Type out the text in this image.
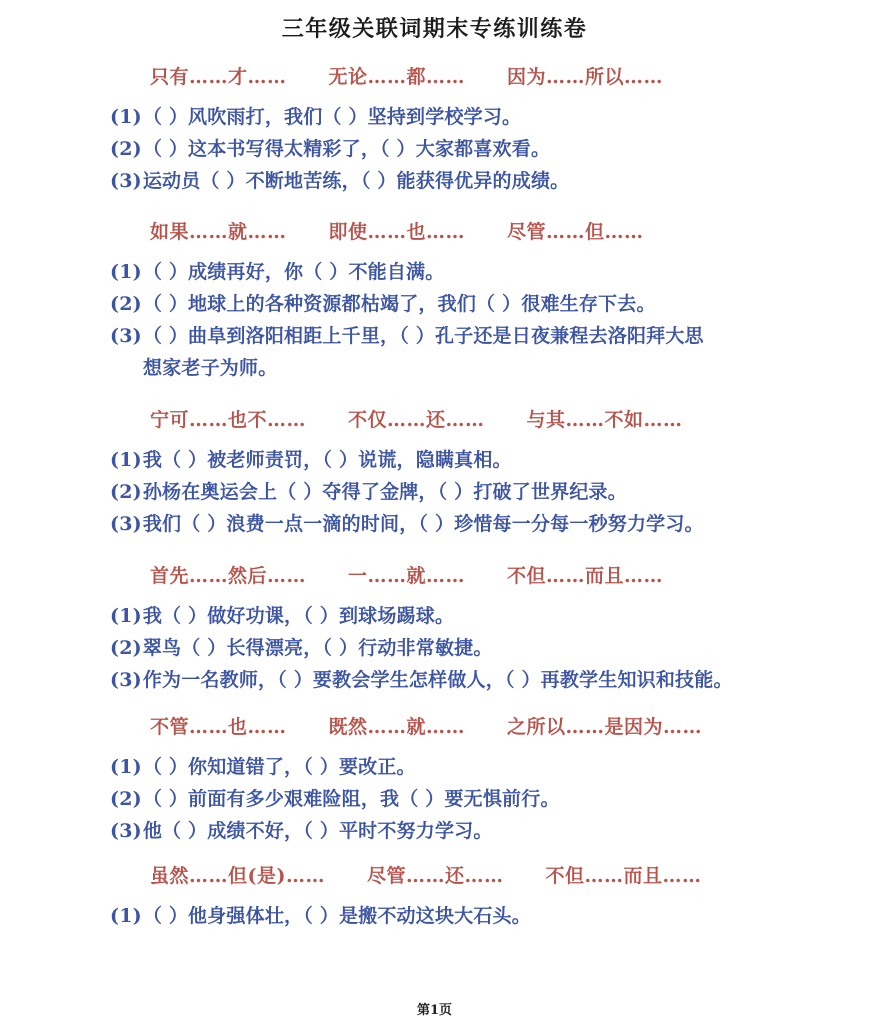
三年级关联词期末专练训练卷
只有……才…… 无论……都…… 因为……所以……
(1)（ ）风吹雨打，我们（ ）坚持到学校学习。
(2)（ ）这本书写得太精彩了，（ ）大家都喜欢看。
(3)运动员（ ）不断地苦练，（ ）能获得优异的成绩。
如果……就…… 即使……也…… 尽管……但……
(1)（ ）成绩再好，你（ ）不能自满。
(2)（ ）地球上的各种资源都枯竭了，我们（ ）很难生存下去。
(3)（ ）曲阜到洛阳相距上千里，（ ）孔子还是日夜兼程去洛阳拜大思
想家老子为师。
宁可……也不…… 不仅……还…… 与其……不如……
(1)我（ ）被老师责罚，（ ）说谎，隐瞒真相。
(2)孙杨在奥运会上（ ）夺得了金牌，（ ）打破了世界纪录。
(3)我们（ ）浪费一点一滴的时间，（ ）珍惜每一分每一秒努力学习。
首先……然后…… 一……就…… 不但……而且……
(1)我（ ）做好功课，（ ）到球场踢球。
(2)翠鸟（ ）长得漂亮，（ ）行动非常敏捷。
(3)作为一名教师，（ ）要教会学生怎样做人，（ ）再教学生知识和技能。
不管……也…… 既然……就…… 之所以……是因为……
(1)（ ）你知道错了，（ ）要改正。
(2)（ ）前面有多少艰难险阻，我（ ）要无惧前行。
(3)他（ ）成绩不好，（ ）平时不努力学习。
虽然……但(是)…… 尽管……还…… 不但……而且……
(1)（ ）他身强体壮，（ ）是搬不动这块大石头。
第1页
